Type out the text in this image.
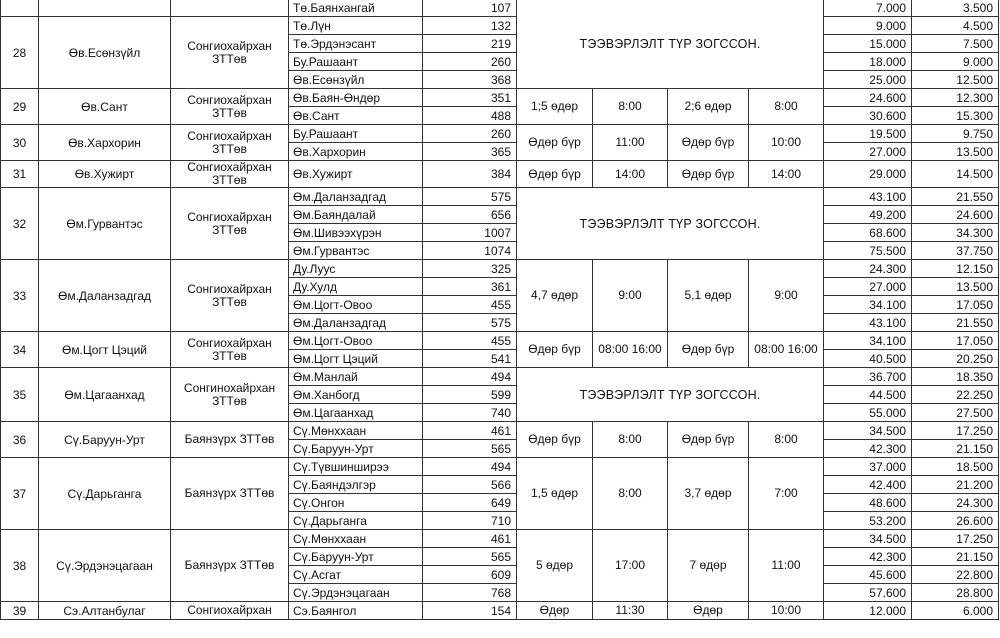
			Тө.Баянхангай	107	ТЭЭВЭРЛЭЛТ ТҮР ЗОГССОН.				7.000	3.500
28	Өв.Есөнзүйл	Сонгиохайрхан ЗТТөв	Тө.Лүн	132					9.000	4.500
			Тө.Эрдэнэсант	219					15.000	7.500
			Бу.Рашаант	260					18.000	9.000
			Өв.Есөнзүйл	368					25.000	12.500
29	Өв.Сант	Сонгиохайрхан ЗТТөв	Өв.Баян-Өндөр	351	1;5 өдөр	8:00	2;6 өдөр	8:00	24.600	12.300
			Өв.Сант	488					30.600	15.300
30	Өв.Хархорин	Сонгиохайрхан ЗТТөв	Бу.Рашаант	260	Өдөр бүр	11:00	Өдөр бүр	10:00	19.500	9.750
			Өв.Хархорин	365					27.000	13.500
31	Өв.Хужирт	Сонгиохайрхан ЗТТөв	Өв.Хужирт	384	Өдөр бүр	14:00	Өдөр бүр	14:00	29.000	14.500
32	Өм.Гурвантэс	Сонгиохайрхан ЗТТөв	Өм.Даланзадгад	575	ТЭЭВЭРЛЭЛТ ТҮР ЗОГССОН.				43.100	21.550
			Өм.Баяндалай	656					49.200	24.600
			Өм.Шивээхүрэн	1007					68.600	34.300
			Өм.Гурвантэс	1074					75.500	37.750
33	Өм.Даланзадгад	Сонгиохайрхан ЗТТөв	Ду.Луус	325	4,7 өдөр	9:00	5,1 өдөр	9:00	24.300	12.150
			Ду.Хулд	361					27.000	13.500
			Өм.Цогт-Овоо	455					34.100	17.050
			Өм.Даланзадгад	575					43.100	21.550
34	Өм.Цогт Цэций	Сонгиохайрхан ЗТТөв	Өм.Цогт-Овоо	455	Өдөр бүр	08:00 16:00	Өдөр бүр	08:00 16:00	34.100	17.050
			Өм.Цогт Цэций	541					40.500	20.250
35	Өм.Цагаанхад	Сонгинохайрхан ЗТТөв	Өм.Манлай	494	ТЭЭВЭРЛЭЛТ ТҮР ЗОГССОН.				36.700	18.350
			Өм.Ханбогд	599					44.500	22.250
			Өм.Цагаанхад	740					55.000	27.500
36	Сү.Баруун-Урт	Баянзүрх ЗТТөв	Сү.Мөнххаан	461	Өдөр бүр	8:00	Өдөр бүр	8:00	34.500	17.250
			Сү.Баруун-Урт	565					42.300	21.150
37	Сү.Дарьганга	Баянзүрх ЗТТөв	Сү.Түвшинширээ	494	1,5 өдөр	8:00	3,7 өдөр	7:00	37.000	18.500
			Сү.Баяндэлгэр	566					42.400	21.200
			Сү.Онгон	649					48.600	24.300
			Сү.Дарьганга	710					53.200	26.600
38	Сү.Эрдэнэцагаан	Баянзүрх ЗТТөв	Сү.Мөнххаан	461	5 өдөр	17:00	7 өдөр	11:00	34.500	17.250
			Сү.Баруун-Урт	565					42.300	21.150
			Сү.Асгат	609					45.600	22.800
			Сү.Эрдэнэцагаан	768					57.600	28.800
39	Сэ.Алтанбулаг	Сонгиохайрхан	Сэ.Баянгол	154	Өдөр	11:30	Өдөр	10:00	12.000	6.000
